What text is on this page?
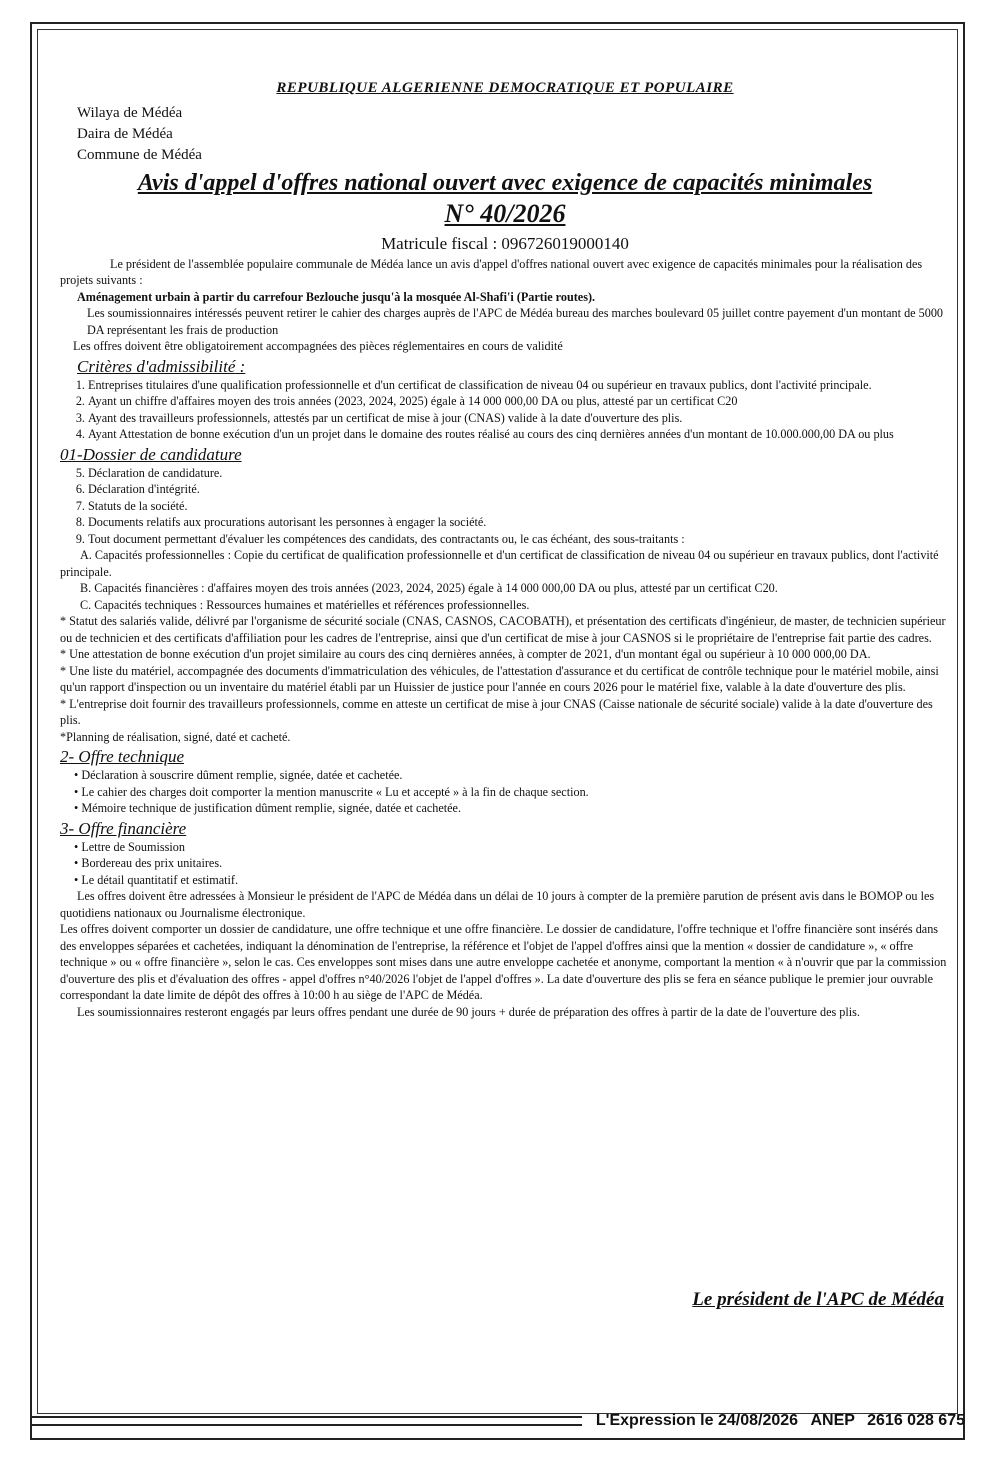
REPUBLIQUE ALGERIENNE DEMOCRATIQUE ET POPULAIRE
Wilaya de Médéa
Daira de Médéa
Commune de Médéa
Avis d'appel d'offres national ouvert avec exigence de capacités minimales
N° 40/2026
Matricule fiscal : 096726019000140

Le président de l'assemblée populaire communale de Médéa lance un avis d'appel d'offres national ouvert avec exigence de capacités minimales pour la réalisation des projets suivants :

Aménagement urbain à partir du carrefour Bezlouche jusqu'à la mosquée Al-Shafi'i (Partie routes).

Les soumissionnaires intéressés peuvent retirer le cahier des charges auprès de l'APC de Médéa bureau des marches boulevard 05 juillet contre payement d'un montant de 5000 DA représentant les frais de production

Les offres doivent être obligatoirement accompagnées des pièces réglementaires en cours de validité

Critères d'admissibilité :
1. Entreprises titulaires d'une qualification professionnelle et d'un certificat de classification de niveau 04 ou supérieur en travaux publics, dont l'activité principale.
2. Ayant un chiffre d'affaires moyen des trois années (2023, 2024, 2025) égale à 14 000 000,00 DA ou plus, attesté par un certificat C20
3. Ayant des travailleurs professionnels, attestés par un certificat de mise à jour (CNAS) valide à la date d'ouverture des plis.
4. Ayant Attestation de bonne exécution d'un un projet dans le domaine des routes réalisé au cours des cinq dernières années d'un montant de 10.000.000,00 DA ou plus
01-Dossier de candidature
5. Déclaration de candidature.
6. Déclaration d'intégrité.
7. Statuts de la société.
8. Documents relatifs aux procurations autorisant les personnes à engager la société.
9. Tout document permettant d'évaluer les compétences des candidats, des contractants ou, le cas échéant, des sous-traitants :

A. Capacités professionnelles : Copie du certificat de qualification professionnelle et d'un certificat de classification de niveau 04 ou supérieur en travaux publics, dont l'activité principale.

B. Capacités financières : d'affaires moyen des trois années (2023, 2024, 2025) égale à 14 000 000,00 DA ou plus, attesté par un certificat C20.

C. Capacités techniques : Ressources humaines et matérielles et références professionnelles.

* Statut des salariés valide, délivré par l'organisme de sécurité sociale (CNAS, CASNOS, CACOBATH), et présentation des certificats d'ingénieur, de master, de technicien supérieur ou de technicien et des certificats d'affiliation pour les cadres de l'entreprise, ainsi que d'un certificat de mise à jour CASNOS si le propriétaire de l'entreprise fait partie des cadres.

* Une attestation de bonne exécution d'un projet similaire au cours des cinq dernières années, à compter de 2021, d'un montant égal ou supérieur à 10 000 000,00 DA.

* Une liste du matériel, accompagnée des documents d'immatriculation des véhicules, de l'attestation d'assurance et du certificat de contrôle technique pour le matériel mobile, ainsi qu'un rapport d'inspection ou un inventaire du matériel établi par un Huissier de justice pour l'année en cours 2026 pour le matériel fixe, valable à la date d'ouverture des plis.

* L'entreprise doit fournir des travailleurs professionnels, comme en atteste un certificat de mise à jour CNAS (Caisse nationale de sécurité sociale) valide à la date d'ouverture des plis.

*Planning de réalisation, signé, daté et cacheté.

2- Offre technique
• Déclaration à souscrire dûment remplie, signée, datée et cachetée.
• Le cahier des charges doit comporter la mention manuscrite « Lu et accepté » à la fin de chaque section.
• Mémoire technique de justification dûment remplie, signée, datée et cachetée.
3- Offre financière
• Lettre de Soumission
• Bordereau des prix unitaires.
• Le détail quantitatif et estimatif.

Les offres doivent être adressées à Monsieur le président de l'APC de Médéa dans un délai de 10 jours à compter de la première parution de présent avis dans le BOMOP ou les quotidiens nationaux ou Journalisme électronique.

Les offres doivent comporter un dossier de candidature, une offre technique et une offre financière. Le dossier de candidature, l'offre technique et l'offre financière sont insérés dans des enveloppes séparées et cachetées, indiquant la dénomination de l'entreprise, la référence et l'objet de l'appel d'offres ainsi que la mention « dossier de candidature », « offre technique » ou « offre financière », selon le cas. Ces enveloppes sont mises dans une autre enveloppe cachetée et anonyme, comportant la mention « à n'ouvrir que par la commission d'ouverture des plis et d'évaluation des offres - appel d'offres n°40/2026 l'objet de l'appel d'offres ». La date d'ouverture des plis se fera en séance publique le premier jour ouvrable correspondant la date limite de dépôt des offres à 10:00 h au siège de l'APC de Médéa.

Les soumissionnaires resteront engagés par leurs offres pendant une durée de 90 jours + durée de préparation des offres à partir de la date de l'ouverture des plis.

Le président de l'APC de Médéa
L'Expression le 24/08/2026 ANEP 2616 028 675
